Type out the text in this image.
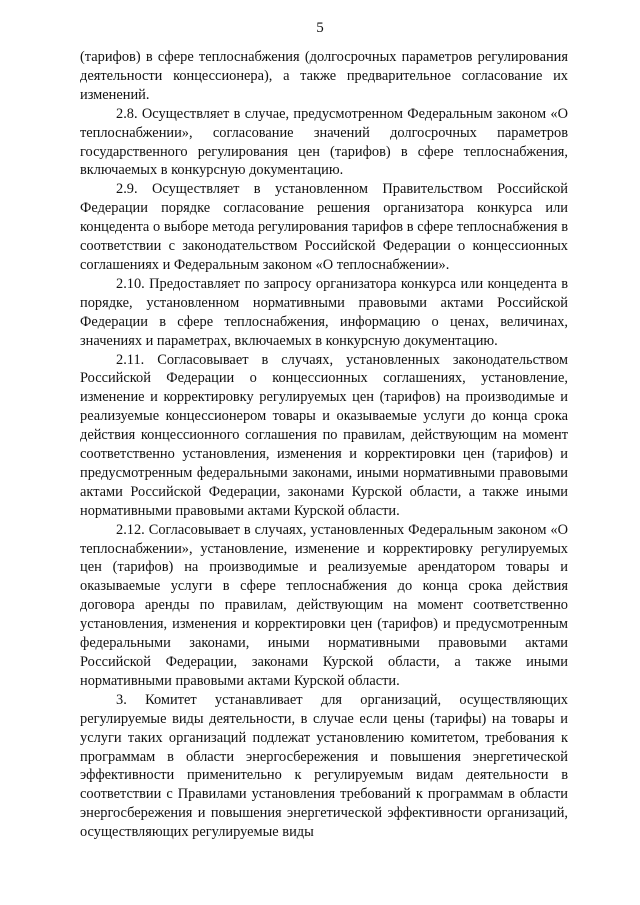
5

(тарифов) в сфере теплоснабжения (долгосрочных параметров регулирования деятельности концессионера), а также предварительное согласование их изменений.

2.8. Осуществляет в случае, предусмотренном Федеральным законом «О теплоснабжении», согласование значений долгосрочных параметров государственного регулирования цен (тарифов) в сфере теплоснабжения, включаемых в конкурсную документацию.

2.9. Осуществляет в установленном Правительством Российской Федерации порядке согласование решения организатора конкурса или концедента о выборе метода регулирования тарифов в сфере теплоснабжения в соответствии с законодательством Российской Федерации о концессионных соглашениях и Федеральным законом «О теплоснабжении».

2.10. Предоставляет по запросу организатора конкурса или концедента в порядке, установленном нормативными правовыми актами Российской Федерации в сфере теплоснабжения, информацию о ценах, величинах, значениях и параметрах, включаемых в конкурсную документацию.

2.11. Согласовывает в случаях, установленных законодательством Российской Федерации о концессионных соглашениях, установление, изменение и корректировку регулируемых цен (тарифов) на производимые и реализуемые концессионером товары и оказываемые услуги до конца срока действия концессионного соглашения по правилам, действующим на момент соответственно установления, изменения и корректировки цен (тарифов) и предусмотренным федеральными законами, иными нормативными правовыми актами Российской Федерации, законами Курской области, а также иными нормативными правовыми актами Курской области.

2.12. Согласовывает в случаях, установленных Федеральным законом «О теплоснабжении», установление, изменение и корректировку регулируемых цен (тарифов) на производимые и реализуемые арендатором товары и оказываемые услуги в сфере теплоснабжения до конца срока действия договора аренды по правилам, действующим на момент соответственно установления, изменения и корректировки цен (тарифов) и предусмотренным федеральными законами, иными нормативными правовыми актами Российской Федерации, законами Курской области, а также иными нормативными правовыми актами Курской области.

3. Комитет устанавливает для организаций, осуществляющих регулируемые виды деятельности, в случае если цены (тарифы) на товары и услуги таких организаций подлежат установлению комитетом, требования к программам в области энергосбережения и повышения энергетической эффективности применительно к регулируемым видам деятельности в соответствии с Правилами установления требований к программам в области энергосбережения и повышения энергетической эффективности организаций, осуществляющих регулируемые виды
